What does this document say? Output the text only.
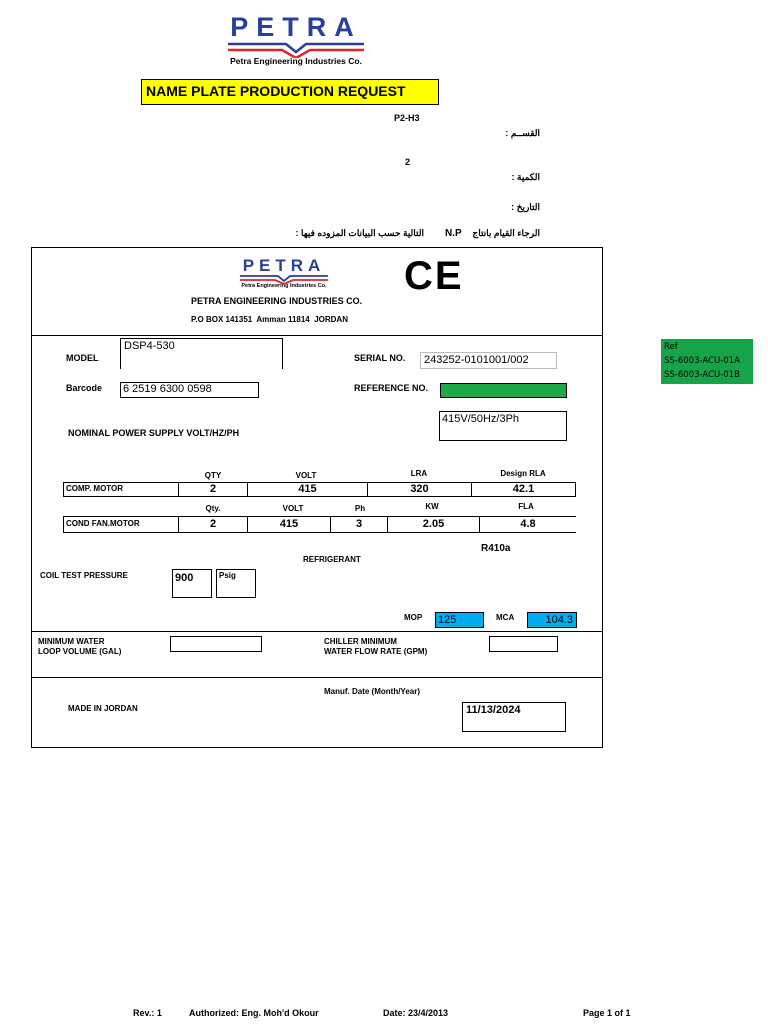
PETRA
Petra Engineering Industries Co.
NAME PLATE PRODUCTION REQUEST
P2-H3
القســم :
2
الكمية :
التاريخ :
الرجاء القيام بانتاج
N.P
التالية حسب البيانات المزوده فيها :
PETRA
Petra Engineering Industries Co. CE
PETRA ENGINEERING INDUSTRIES CO.
P.O BOX 141351  Amman 11814  JORDAN
MODEL
DSP4-530
SERIAL NO. 243252-0101001/002
Barcode 6 2519 6300 0598	REFERENCE NO.
NOMINAL POWER SUPPLY VOLT/HZ/PH
415V/50Hz/3Ph
QTY	VOLT	LRA	Design RLA
COMP. MOTOR	2	415	320	42.1
Qty.	VOLT	Ph	KW	FLA
COND FAN.MOTOR	2	415	3	2.05	4.8
R410a
REFRIGERANT
COIL TEST PRESSURE	900	Psig
MOP 125	MCA	104.3
MINIMUM WATER
LOOP VOLUME (GAL)
CHILLER MINIMUM
WATER FLOW RATE (GPM)
Manuf. Date (Month/Year)
MADE IN JORDAN	11/13/2024
Ref
SS-6003-ACU-01A
SS-6003-ACU-01B
Rev.: 1	Authorized: Eng. Moh'd Okour	Date: 23/4/2013	Page 1 of 1
